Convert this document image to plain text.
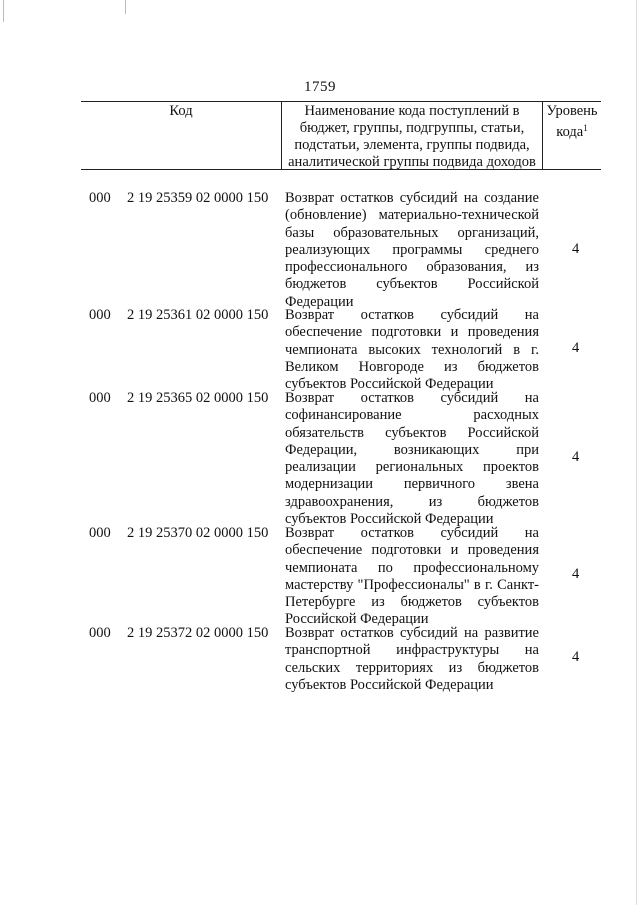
1759
Код	Наименование кода поступлений в бюджет, группы, подгруппы, статьи, подстатьи, элемента, группы подвида, аналитической группы подвида доходов
Уровень кода$^1$
000 2 19 25359 02 0000 150 Возврат остатков субсидий на создание (обновление) материально-технической базы образовательных организаций, реализующих программы среднего профессионального образования, из бюджетов субъектов Российской Федерации
4
000 2 19 25361 02 0000 150 Возврат остатков субсидий на обеспечение подготовки и проведения чемпионата высоких технологий в г. Великом Новгороде из бюджетов субъектов Российской Федерации
4
000 2 19 25365 02 0000 150 Возврат остатков субсидий на софинансирование расходных обязательств субъектов Российской Федерации, возникающих при реализации региональных проектов модернизации первичного звена здравоохранения, из бюджетов субъектов Российской Федерации
4
000 2 19 25370 02 0000 150 Возврат остатков субсидий на обеспечение подготовки и проведения чемпионата по профессиональному мастерству "Профессионалы" в г. Санкт-Петербурге из бюджетов субъектов Российской Федерации
4
000 2 19 25372 02 0000 150 Возврат остатков субсидий на развитие транспортной инфраструктуры на сельских территориях из бюджетов субъектов Российской Федерации
4
